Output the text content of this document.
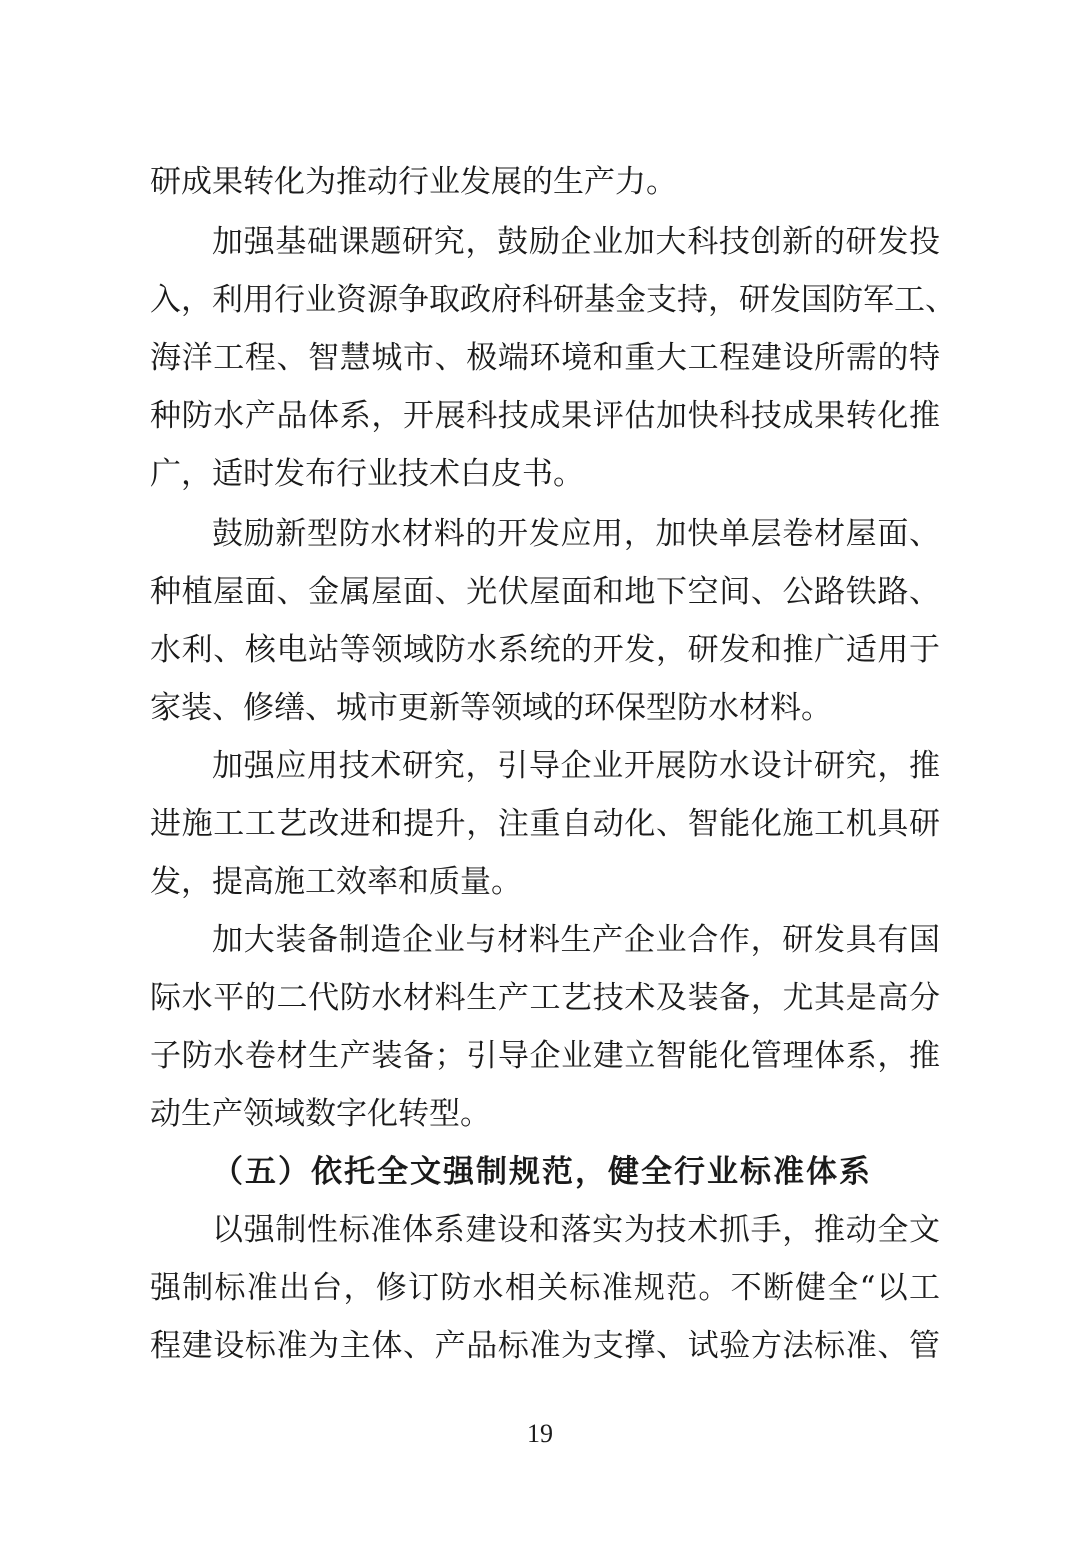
研成果转化为推动行业发展的生产力。
加强基础课题研究，鼓励企业加大科技创新的研发投
入，利用行业资源争取政府科研基金支持，研发国防军工、
海洋工程、智慧城市、极端环境和重大工程建设所需的特
种防水产品体系，开展科技成果评估加快科技成果转化推
广，适时发布行业技术白皮书。
鼓励新型防水材料的开发应用，加快单层卷材屋面、
种植屋面、金属屋面、光伏屋面和地下空间、公路铁路、
水利、核电站等领域防水系统的开发，研发和推广适用于
家装、修缮、城市更新等领域的环保型防水材料。
加强应用技术研究，引导企业开展防水设计研究，推
进施工工艺改进和提升，注重自动化、智能化施工机具研
发，提高施工效率和质量。
加大装备制造企业与材料生产企业合作，研发具有国
际水平的二代防水材料生产工艺技术及装备，尤其是高分
子防水卷材生产装备；引导企业建立智能化管理体系，推
动生产领域数字化转型。
（五）依托全文强制规范，健全行业标准体系
以强制性标准体系建设和落实为技术抓手，推动全文
强制标准出台，修订防水相关标准规范。不断健全“以工
程建设标准为主体、产品标准为支撑、试验方法标准、管
19
